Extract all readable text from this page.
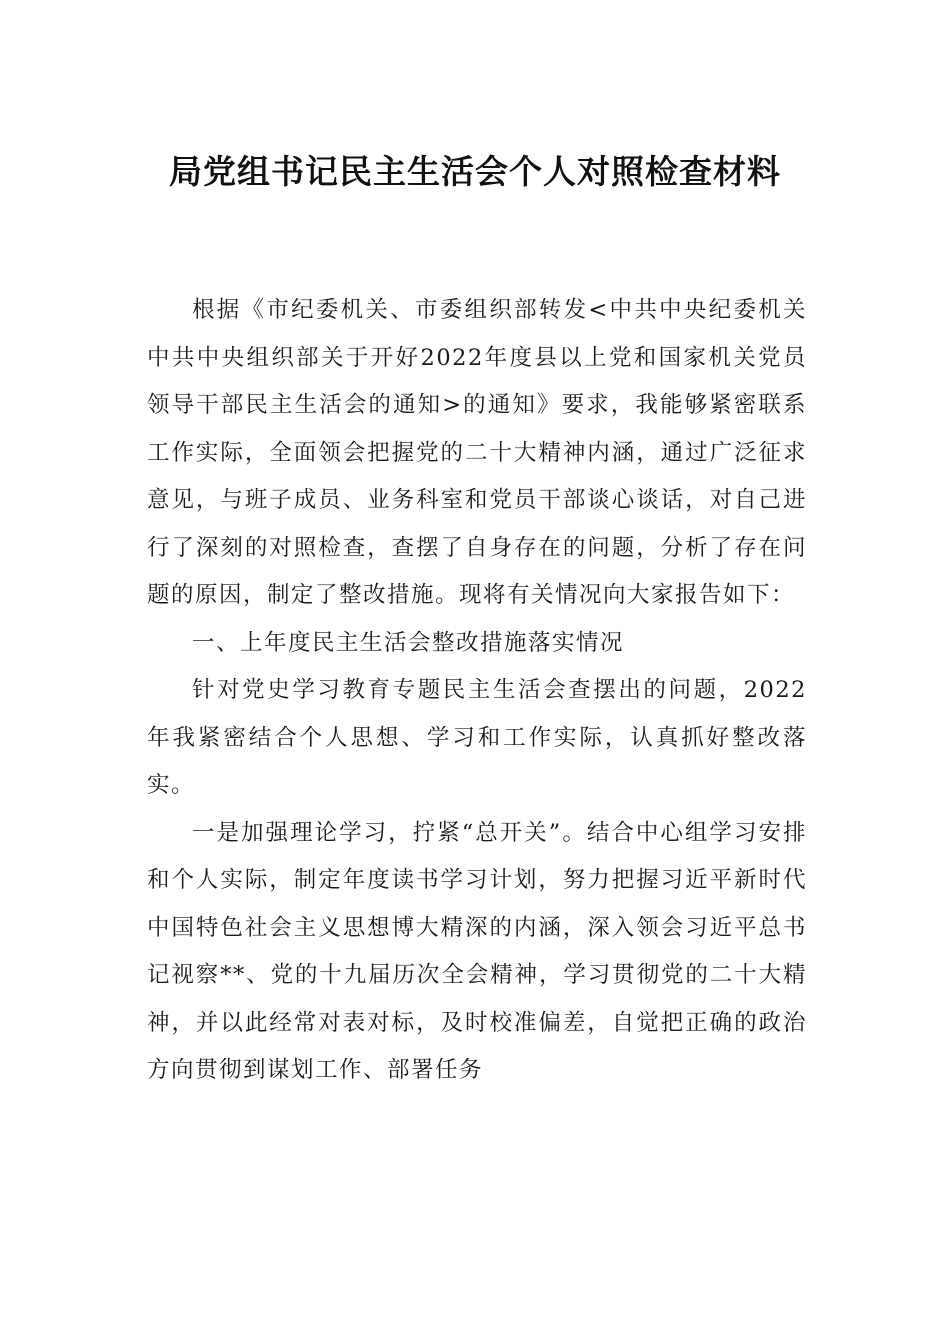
局党组书记民主生活会个人对照检查材料

根据《市纪委机关、市委组织部转发<中共中央纪委机关 中共中央组织部关于开好2022年度县以上党和国家机关党员领导干部民主生活会的通知>的通知》要求，我能够紧密联系工作实际，全面领会把握党的二十大精神内涵，通过广泛征求意见，与班子成员、业务科室和党员干部谈心谈话，对自己进行了深刻的对照检查，查摆了自身存在的问题，分析了存在问题的原因，制定了整改措施。现将有关情况向大家报告如下：

一、上年度民主生活会整改措施落实情况

针对党史学习教育专题民主生活会查摆出的问题，2022年我紧密结合个人思想、学习和工作实际，认真抓好整改落实。

一是加强理论学习，拧紧“总开关”。结合中心组学习安排和个人实际，制定年度读书学习计划，努力把握习近平新时代中国特色社会主义思想博大精深的内涵，深入领会习近平总书记视察**、党的十九届历次全会精神，学习贯彻党的二十大精神，并以此经常对表对标，及时校准偏差，自觉把正确的政治方向贯彻到谋划工作、部署任务
